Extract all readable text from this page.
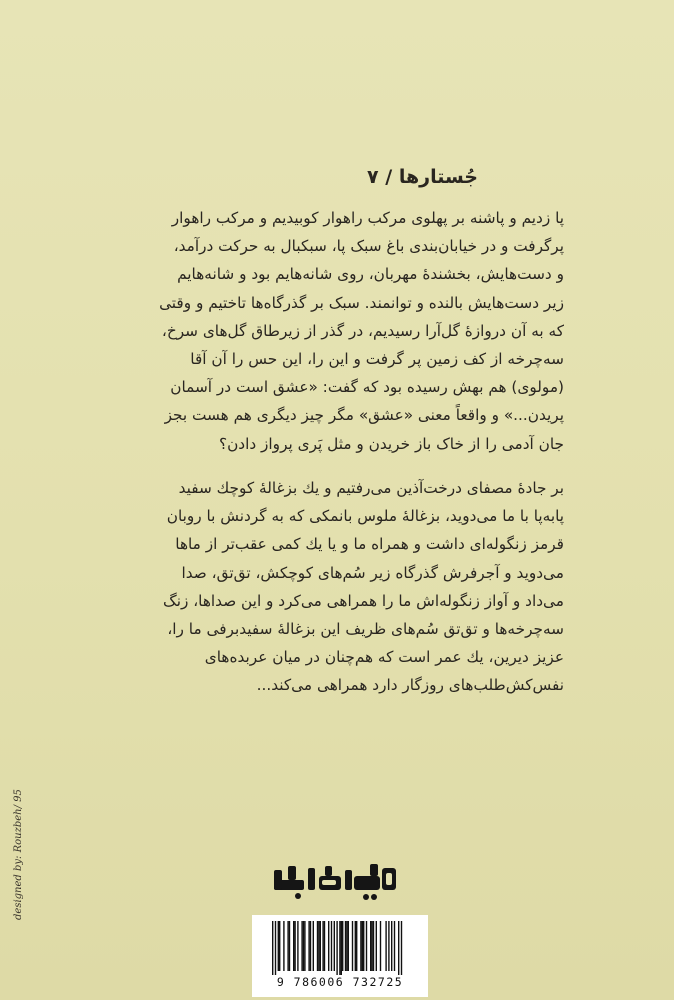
جُستارها / ۷
پا زدیم و پاشنه بر پهلوی مرکب راهوار کوبیدیم و مرکب راهوار
پرگرفت و در خیابان‌بندی باغ سبک پا، سبکبال به حرکت درآمد،
و دست‌هایش، بخشندهٔ مهربان، روی شانه‌هایم بود و شانه‌هایم
زیر دست‌هایش بالنده و توانمند. سبک بر گذرگاه‌ها تاختیم و وقتی
که به آن دروازهٔ گل‌آرا رسیدیم، در گذر از زیرطاق گل‌های سرخ،
سه‌چرخه از کف زمین پر گرفت و این را، این حس را آن آقا
(مولوی) هم بهش رسیده بود که گفت: «عشق است در آسمان
پریدن...» و واقعاً معنی «عشق» مگر چیز دیگری هم هست بجز
جان آدمی را از خاک باز خریدن و مثل پَری پرواز دادن؟
بر جادهٔ مصفای درخت‌آذین می‌رفتیم و یك بزغالهٔ کوچك سفید
پابه‌پا با ما می‌دوید، بزغالهٔ ملوس بانمکی که به گردنش با روبان
قرمز زنگوله‌ای داشت و همراه ما و یا یك کمی عقب‌تر از ماها
می‌دوید و آجرفرش گذرگاه زیر سُم‌های کوچکش، تق‌تق، صدا
می‌داد و آواز زنگوله‌اش ما را همراهی می‌کرد و این صداها، زنگ
سه‌چرخه‌ها و تق‌تق سُم‌های ظریف این بزغالهٔ سفیدبرفی ما را،
عزیز دیرین، یك عمر است که هم‌چنان در میان عربده‌های
نفس‌کش‌طلب‌های روزگار دارد همراهی می‌کند...
designed by: Rouzbeh/ 95
9 786006 732725
